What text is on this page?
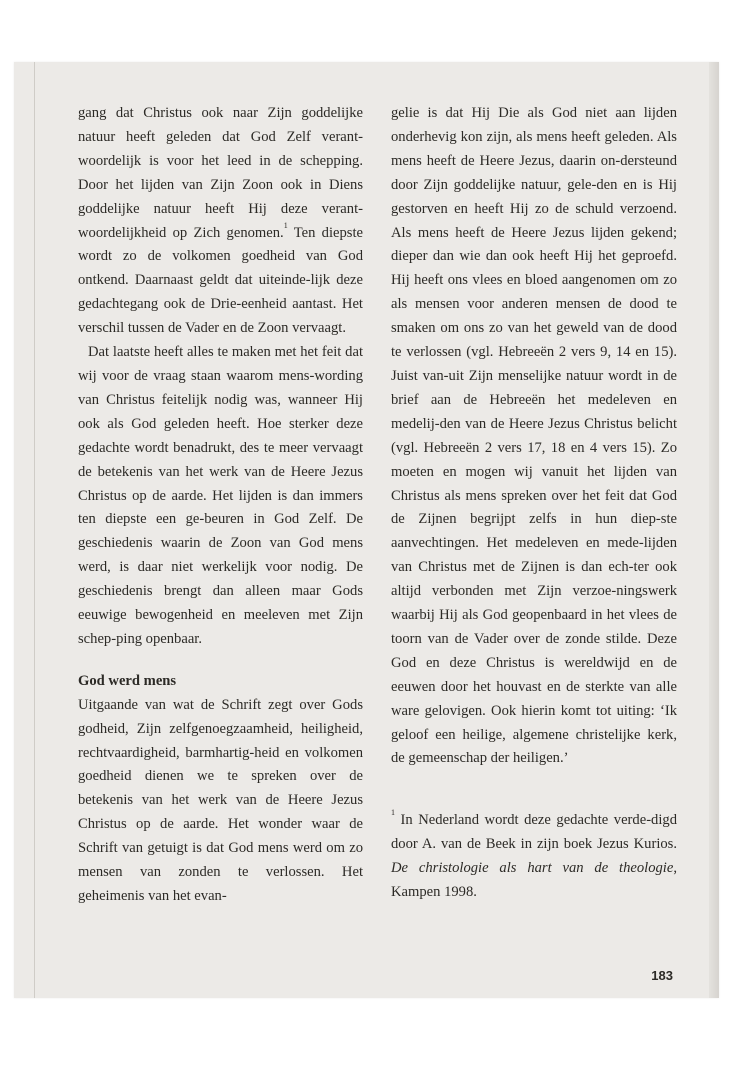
gang dat Christus ook naar Zijn goddelijke natuur heeft geleden dat God Zelf verant-woordelijk is voor het leed in de schepping. Door het lijden van Zijn Zoon ook in Diens goddelijke natuur heeft Hij deze verant-woordelijkheid op Zich genomen.$^1$ Ten diepste wordt zo de volkomen goedheid van God ontkend. Daarnaast geldt dat uiteinde-lijk deze gedachtegang ook de Drie-eenheid aantast. Het verschil tussen de Vader en de Zoon vervaagt.

Dat laatste heeft alles te maken met het feit dat wij voor de vraag staan waarom mens-wording van Christus feitelijk nodig was, wanneer Hij ook als God geleden heeft. Hoe sterker deze gedachte wordt benadrukt, des te meer vervaagt de betekenis van het werk van de Heere Jezus Christus op de aarde. Het lijden is dan immers ten diepste een ge-beuren in God Zelf. De geschiedenis waarin de Zoon van God mens werd, is daar niet werkelijk voor nodig. De geschiedenis brengt dan alleen maar Gods eeuwige bewogenheid en meeleven met Zijn schep-ping openbaar.

God werd mens

Uitgaande van wat de Schrift zegt over Gods godheid, Zijn zelfgenoegzaamheid, heiligheid, rechtvaardigheid, barmhartig-heid en volkomen goedheid dienen we te spreken over de betekenis van het werk van de Heere Jezus Christus op de aarde. Het wonder waar de Schrift van getuigt is dat God mens werd om zo mensen van zonden te verlossen. Het geheimenis van het evan-

gelie is dat Hij Die als God niet aan lijden onderhevig kon zijn, als mens heeft geleden. Als mens heeft de Heere Jezus, daarin on-dersteund door Zijn goddelijke natuur, gele-den en is Hij gestorven en heeft Hij zo de schuld verzoend. Als mens heeft de Heere Jezus lijden gekend; dieper dan wie dan ook heeft Hij het geproefd. Hij heeft ons vlees en bloed aangenomen om zo als mensen voor anderen mensen de dood te smaken om ons zo van het geweld van de dood te verlossen (vgl. Hebreeën 2 vers 9, 14 en 15). Juist van-uit Zijn menselijke natuur wordt in de brief aan de Hebreeën het medeleven en medelij-den van de Heere Jezus Christus belicht (vgl. Hebreeën 2 vers 17, 18 en 4 vers 15). Zo moeten en mogen wij vanuit het lijden van Christus als mens spreken over het feit dat God de Zijnen begrijpt zelfs in hun diep-ste aanvechtingen. Het medeleven en mede-lijden van Christus met de Zijnen is dan ech-ter ook altijd verbonden met Zijn verzoe-ningswerk waarbij Hij als God geopenbaard in het vlees de toorn van de Vader over de zonde stilde. Deze God en deze Christus is wereldwijd en de eeuwen door het houvast en de sterkte van alle ware gelovigen. Ook hierin komt tot uiting: ‘Ik geloof een heilige, algemene christelijke kerk, de gemeenschap der heiligen.’

$^1$ In Nederland wordt deze gedachte verde-digd door A. van de Beek in zijn boek Jezus Kurios. De christologie als hart van de theologie, Kampen 1998.

183
